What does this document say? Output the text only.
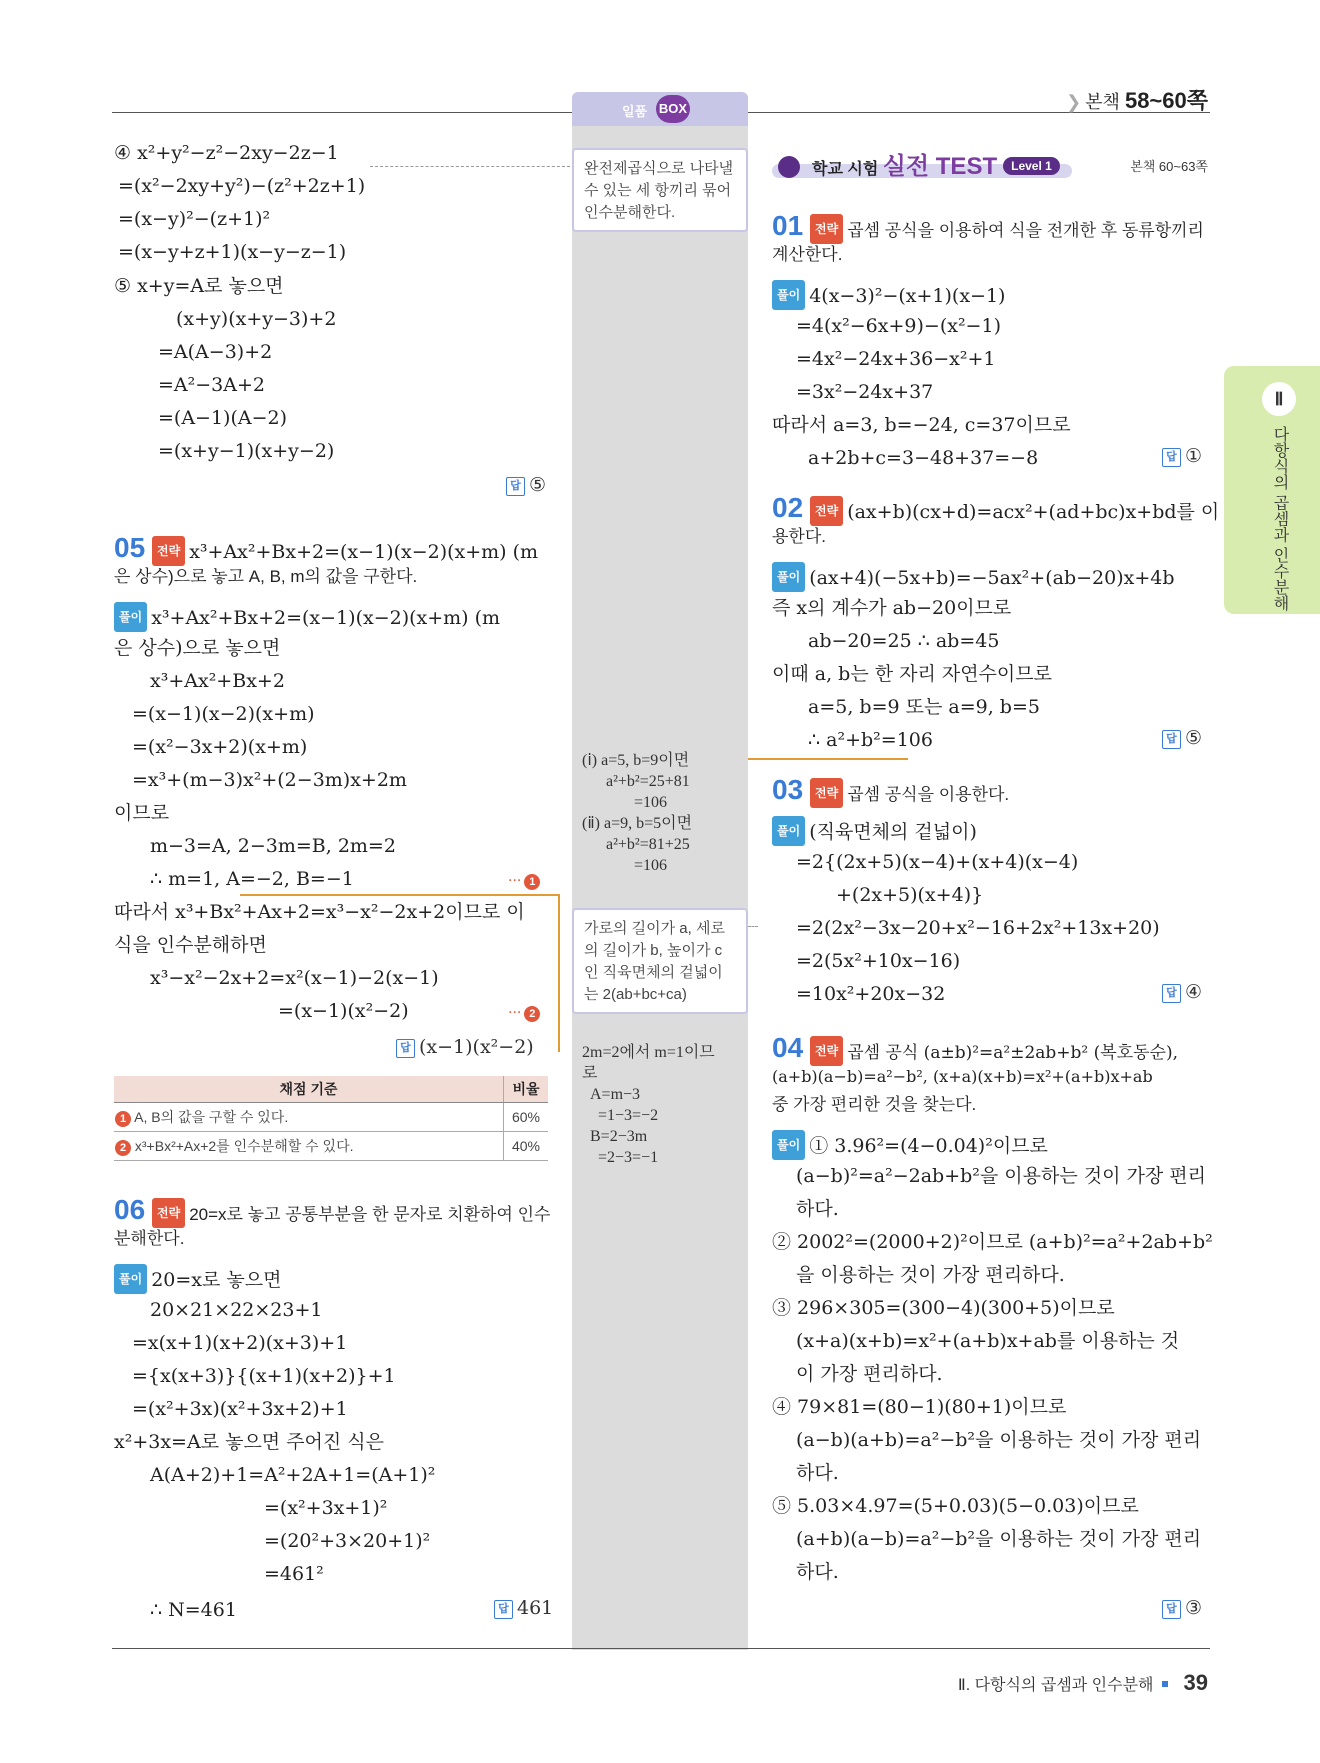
❯ 본책 58~60쪽
일품 BOX
완전제곱식으로 나타낼 수 있는 세 항끼리 묶어 인수분해한다.
(ⅰ) a=5, b=9이면
a²+b²=25+81
=106
(ⅱ) a=9, b=5이면
a²+b²=81+25
=106
가로의 길이가 a, 세로의 길이가 b, 높이가 c인 직육면체의 겉넓이는 2(ab+bc+ca)
2m=2에서 m=1이므
로
A=m−3
=1−3=−2
B=2−3m
=2−3=−1
④ x²+y²−z²−2xy−2z−1
=(x²−2xy+y²)−(z²+2z+1)
=(x−y)²−(z+1)²
=(x−y+z+1)(x−y−z−1)
⑤ x+y=A로 놓으면
(x+y)(x+y−3)+2
=A(A−3)+2
=A²−3A+2
=(A−1)(A−2)
=(x+y−1)(x+y−2)
답 ⑤
05 전략 x³+Ax²+Bx+2=(x−1)(x−2)(x+m) (m
은 상수)으로 놓고 A, B, m의 값을 구한다.
풀이 x³+Ax²+Bx+2=(x−1)(x−2)(x+m) (m
은 상수)으로 놓으면
x³+Ax²+Bx+2
=(x−1)(x−2)(x+m)
=(x²−3x+2)(x+m)
=x³+(m−3)x²+(2−3m)x+2m
이므로
m−3=A, 2−3m=B, 2m=2
∴ m=1, A=−2, B=−1	··· 1
따라서 x³+Bx²+Ax+2=x³−x²−2x+2이므로 이
식을 인수분해하면
x³−x²−2x+2=x²(x−1)−2(x−1)
=(x−1)(x²−2)	··· 2
답 (x−1)(x²−2)
채점 기준	비율
1 A, B의 값을 구할 수 있다.	60%
2 x³+Bx²+Ax+2를 인수분해할 수 있다.	40%
06 전략 20=x로 놓고 공통부분을 한 문자로 치환하여 인수
분해한다.
풀이 20=x로 놓으면
20×21×22×23+1
=x(x+1)(x+2)(x+3)+1
={x(x+3)}{(x+1)(x+2)}+1
=(x²+3x)(x²+3x+2)+1
x²+3x=A로 놓으면 주어진 식은
A(A+2)+1=A²+2A+1=(A+1)²
=(x²+3x+1)²
=(20²+3×20+1)²
=461²
∴ N=461	답 461
학교 시험 실전 TEST Level 1	본책 60~63쪽
01 전략 곱셈 공식을 이용하여 식을 전개한 후 동류항끼리
계산한다.
풀이 4(x−3)²−(x+1)(x−1)
=4(x²−6x+9)−(x²−1)
=4x²−24x+36−x²+1
=3x²−24x+37
따라서 a=3, b=−24, c=37이므로
a+2b+c=3−48+37=−8	답 ①
02 전략 (ax+b)(cx+d)=acx²+(ad+bc)x+bd를 이
용한다.
풀이 (ax+4)(−5x+b)=−5ax²+(ab−20)x+4b
즉 x의 계수가 ab−20이므로
ab−20=25 ∴ ab=45
이때 a, b는 한 자리 자연수이므로
a=5, b=9 또는 a=9, b=5
∴ a²+b²=106	답 ⑤
03 전략 곱셈 공식을 이용한다.
풀이 (직육면체의 겉넓이)
=2{(2x+5)(x−4)+(x+4)(x−4)
+(2x+5)(x+4)}
=2(2x²−3x−20+x²−16+2x²+13x+20)
=2(5x²+10x−16)
=10x²+20x−32	답 ④
04 전략 곱셈 공식 (a±b)²=a²±2ab+b² (복호동순),
(a+b)(a−b)=a²−b², (x+a)(x+b)=x²+(a+b)x+ab
중 가장 편리한 것을 찾는다.
풀이 ① 3.96²=(4−0.04)²이므로
(a−b)²=a²−2ab+b²을 이용하는 것이 가장 편리
하다.
② 2002²=(2000+2)²이므로 (a+b)²=a²+2ab+b²
을 이용하는 것이 가장 편리하다.
③ 296×305=(300−4)(300+5)이므로
(x+a)(x+b)=x²+(a+b)x+ab를 이용하는 것
이 가장 편리하다.
④ 79×81=(80−1)(80+1)이므로
(a−b)(a+b)=a²−b²을 이용하는 것이 가장 편리
하다.
⑤ 5.03×4.97=(5+0.03)(5−0.03)이므로
(a+b)(a−b)=a²−b²을 이용하는 것이 가장 편리
하다.
답 ③
Ⅱ
다항식의 곱셈과 인수분해
Ⅱ. 다항식의 곱셈과 인수분해 39
